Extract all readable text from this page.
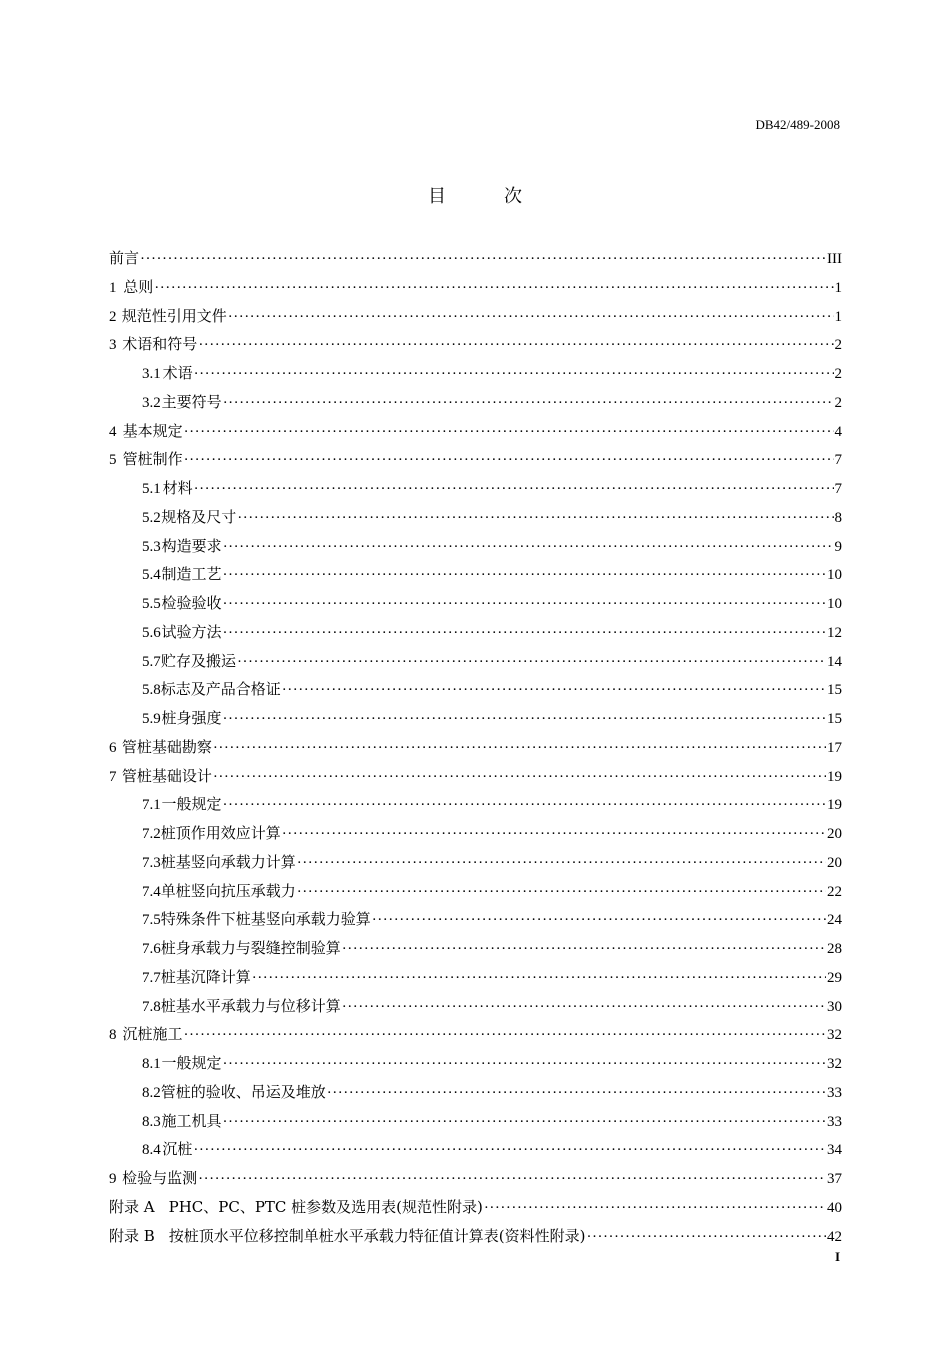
DB42/489-2008
目	次
前言 ·····	III
1 总则 ·····	1
2 规范性引用文件 ·····	1
3 术语和符号 ·····	2
3.1 术语 ·····	2
3.2 主要符号 ·····	2
4 基本规定 ·····	4
5 管桩制作 ·····	7
5.1 材料 ·····	7
5.2 规格及尺寸 ·····	8
5.3 构造要求 ·····	9
5.4 制造工艺 ·····	10
5.5 检验验收 ·····	10
5.6 试验方法 ·····	12
5.7 贮存及搬运 ·····	14
5.8 标志及产品合格证 ·····	15
5.9 桩身强度 ·····	15
6 管桩基础勘察 ·····	17
7 管桩基础设计 ·····	19
7.1 一般规定 ·····	19
7.2 桩顶作用效应计算 ·····	20
7.3 桩基竖向承载力计算 ·····	20
7.4 单桩竖向抗压承载力 ·····	22
7.5 特殊条件下桩基竖向承载力验算 ·····	24
7.6 桩身承载力与裂缝控制验算 ·····	28
7.7 桩基沉降计算 ·····	29
7.8 桩基水平承载力与位移计算 ·····	30
8 沉桩施工 ·····	32
8.1 一般规定 ·····	32
8.2 管桩的验收、吊运及堆放 ·····	33
8.3 施工机具 ·····	33
8.4 沉桩 ·····	34
9 检验与监测 ·····	37
附录 A PHC、PC、PTC 桩参数及选用表(规范性附录) ·····	40
附录 B 按桩顶水平位移控制单桩水平承载力特征值计算表(资料性附录) ·····	42
I
